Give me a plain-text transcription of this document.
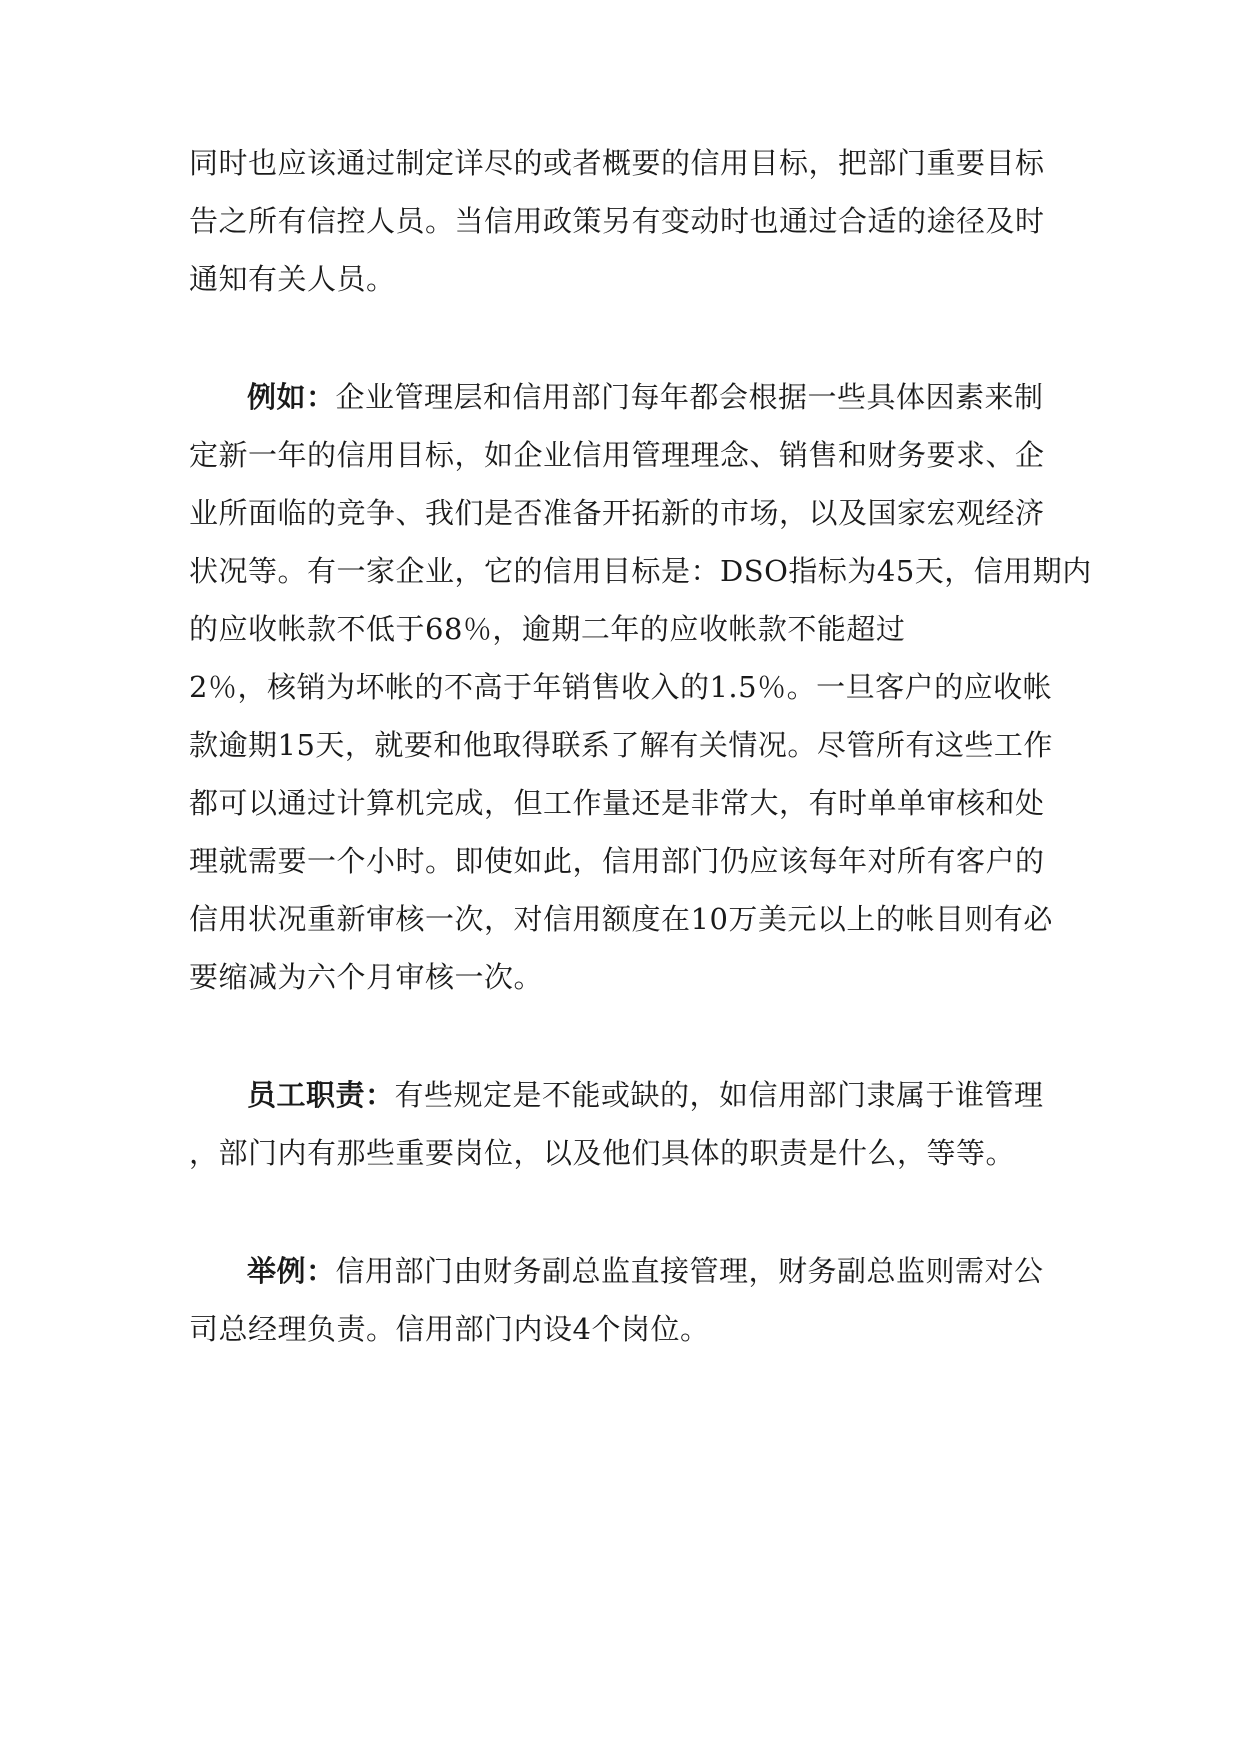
同时也应该通过制定详尽的或者概要的信用目标，把部门重要目标
告之所有信控人员。当信用政策另有变动时也通过合适的途径及时
通知有关人员。
例如：企业管理层和信用部门每年都会根据一些具体因素来制
定新一年的信用目标，如企业信用管理理念、销售和财务要求、企
业所面临的竞争、我们是否准备开拓新的市场，以及国家宏观经济
状况等。有一家企业，它的信用目标是：DSO指标为45天，信用期内
的应收帐款不低于68％，逾期二年的应收帐款不能超过
2％，核销为坏帐的不高于年销售收入的1.5％。一旦客户的应收帐
款逾期15天，就要和他取得联系了解有关情况。尽管所有这些工作
都可以通过计算机完成，但工作量还是非常大，有时单单审核和处
理就需要一个小时。即使如此，信用部门仍应该每年对所有客户的
信用状况重新审核一次，对信用额度在10万美元以上的帐目则有必
要缩减为六个月审核一次。
员工职责：有些规定是不能或缺的，如信用部门隶属于谁管理
，部门内有那些重要岗位，以及他们具体的职责是什么，等等。
举例：信用部门由财务副总监直接管理，财务副总监则需对公
司总经理负责。信用部门内设4个岗位。
